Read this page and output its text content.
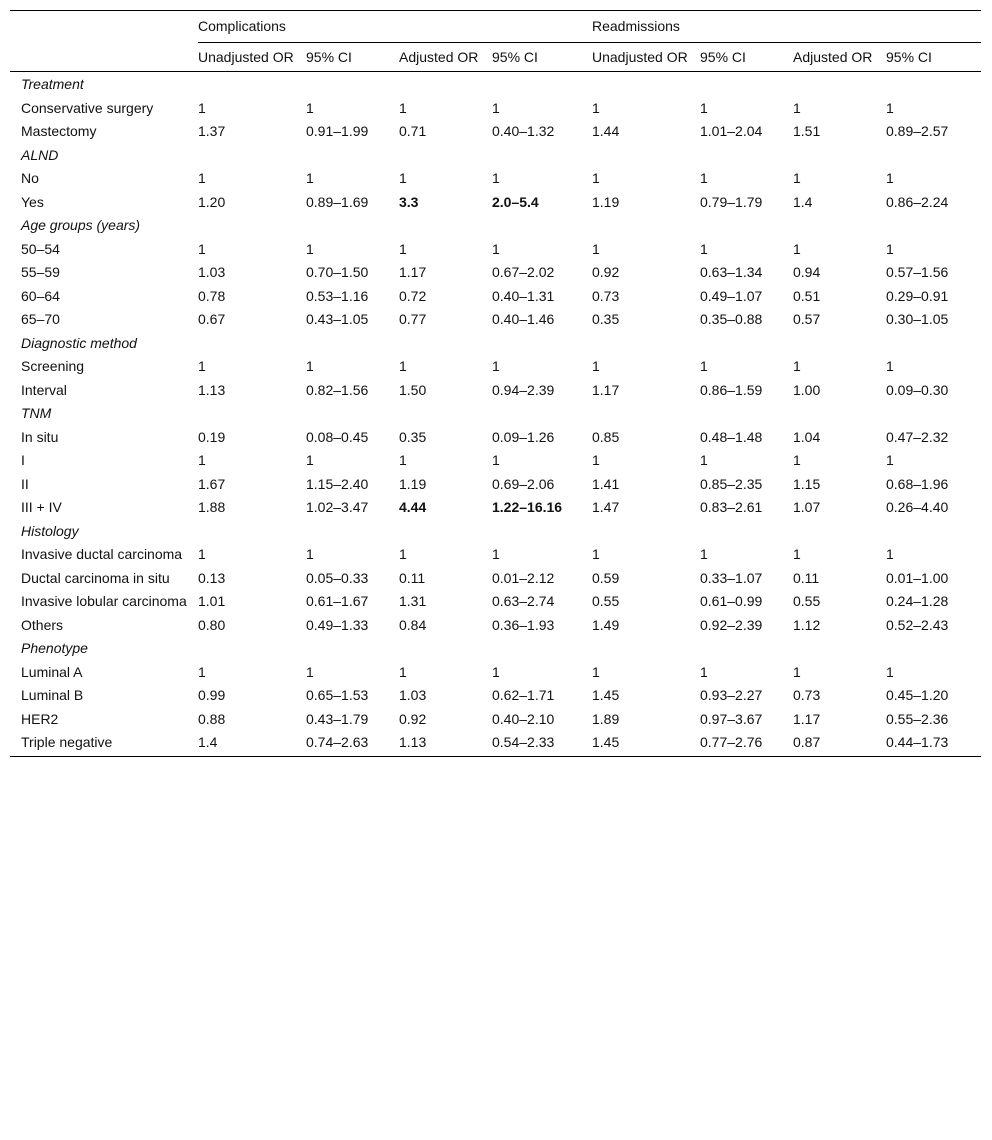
	Complications				Readmissions			
	Unadjusted OR	95% CI	Adjusted OR	95% CI	Unadjusted OR	95% CI	Adjusted OR	95% CI
Treatment								
Conservative surgery	1	1	1	1	1	1	1	1
Mastectomy	1.37	0.91–1.99	0.71	0.40–1.32	1.44	1.01–2.04	1.51	0.89–2.57
ALND								
No	1	1	1	1	1	1	1	1
Yes	1.20	0.89–1.69	3.3	2.0–5.4	1.19	0.79–1.79	1.4	0.86–2.24
Age groups (years)								
50–54	1	1	1	1	1	1	1	1
55–59	1.03	0.70–1.50	1.17	0.67–2.02	0.92	0.63–1.34	0.94	0.57–1.56
60–64	0.78	0.53–1.16	0.72	0.40–1.31	0.73	0.49–1.07	0.51	0.29–0.91
65–70	0.67	0.43–1.05	0.77	0.40–1.46	0.35	0.35–0.88	0.57	0.30–1.05
Diagnostic method								
Screening	1	1	1	1	1	1	1	1
Interval	1.13	0.82–1.56	1.50	0.94–2.39	1.17	0.86–1.59	1.00	0.09–0.30
TNM								
In situ	0.19	0.08–0.45	0.35	0.09–1.26	0.85	0.48–1.48	1.04	0.47–2.32
I	1	1	1	1	1	1	1	1
II	1.67	1.15–2.40	1.19	0.69–2.06	1.41	0.85–2.35	1.15	0.68–1.96
III + IV	1.88	1.02–3.47	4.44	1.22–16.16	1.47	0.83–2.61	1.07	0.26–4.40
Histology								
Invasive ductal carcinoma	1	1	1	1	1	1	1	1
Ductal carcinoma in situ	0.13	0.05–0.33	0.11	0.01–2.12	0.59	0.33–1.07	0.11	0.01–1.00
Invasive lobular carcinoma	1.01	0.61–1.67	1.31	0.63–2.74	0.55	0.61–0.99	0.55	0.24–1.28
Others	0.80	0.49–1.33	0.84	0.36–1.93	1.49	0.92–2.39	1.12	0.52–2.43
Phenotype								
Luminal A	1	1	1	1	1	1	1	1
Luminal B	0.99	0.65–1.53	1.03	0.62–1.71	1.45	0.93–2.27	0.73	0.45–1.20
HER2	0.88	0.43–1.79	0.92	0.40–2.10	1.89	0.97–3.67	1.17	0.55–2.36
Triple negative	1.4	0.74–2.63	1.13	0.54–2.33	1.45	0.77–2.76	0.87	0.44–1.73
